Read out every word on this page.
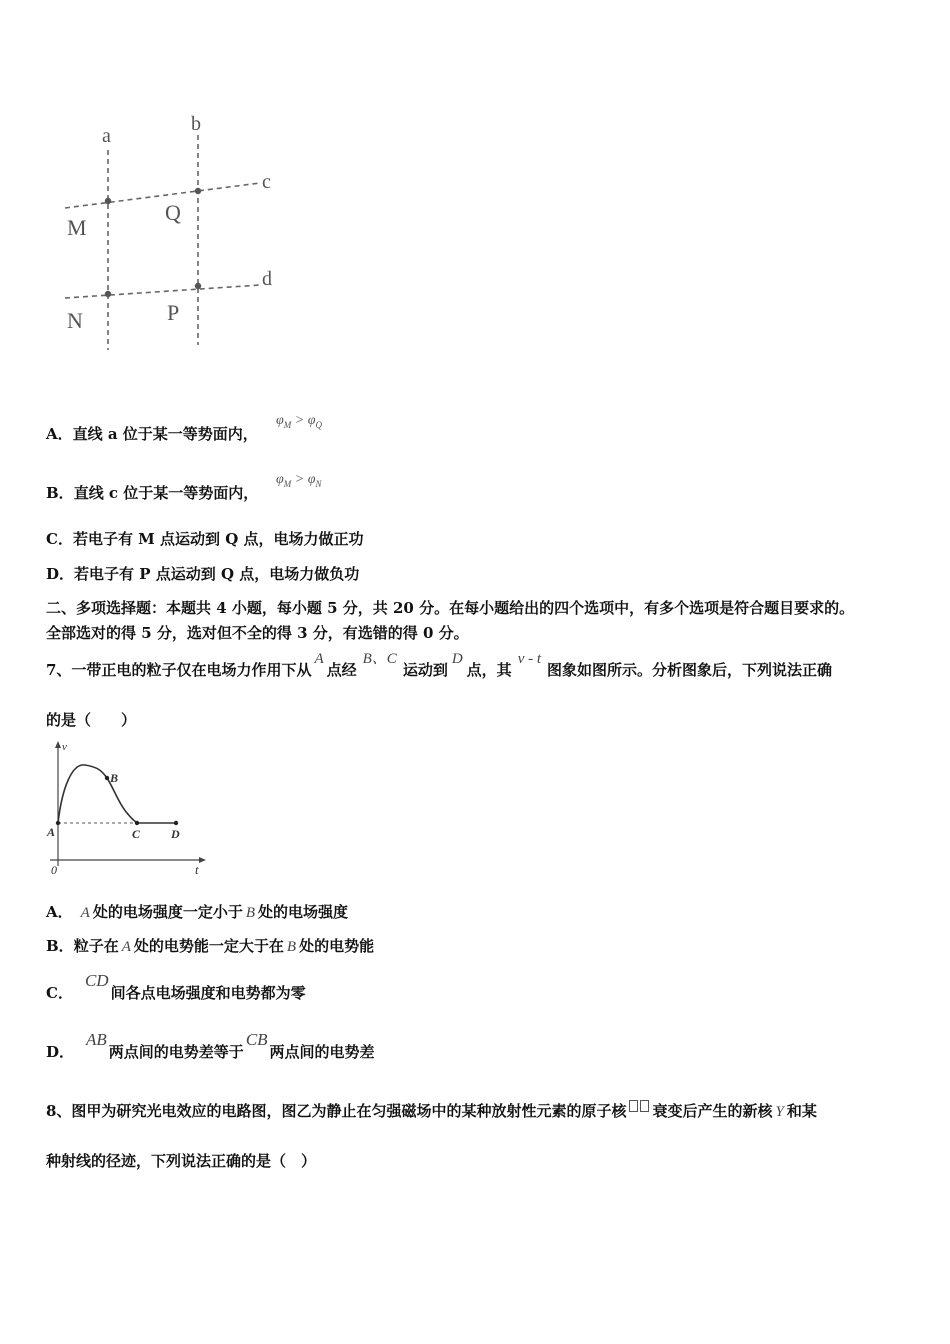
a
b
c
d
M
Q
N	P
A．直线 a 位于某一等势面内，
$\varphi_M > \varphi_Q$
B．直线 c 位于某一等势面内，
$\varphi_M > \varphi_N$
C．若电子有 M 点运动到 Q 点，电场力做正功
D．若电子有 P 点运动到 Q 点，电场力做负功
二、多项选择题：本题共 4 小题，每小题 5 分，共 20 分。在每小题给出的四个选项中，有多个选项是符合题目要求的。
全部选对的得 5 分，选对但不全的得 3 分，有选错的得 0 分。
7、一带正电的粒子仅在电场力作用下从A点经B、C运动到D点，其v - t图象如图所示。分析图象后，下列说法正确
的是（　　）
v
t
0
A
B
C	D
A． A 处的电场强度一定小于 B 处的电场强度
B．粒子在 A 处的电势能一定大于在 B 处的电势能
C．CD间各点电场强度和电势都为零
D．AB两点间的电势差等于CB两点间的电势差
8、图甲为研究光电效应的电路图，图乙为静止在匀强磁场中的某种放射性元素的原子核 衰变后产生的新核 Y 和某
种射线的径迹，下列说法正确的是（　）
